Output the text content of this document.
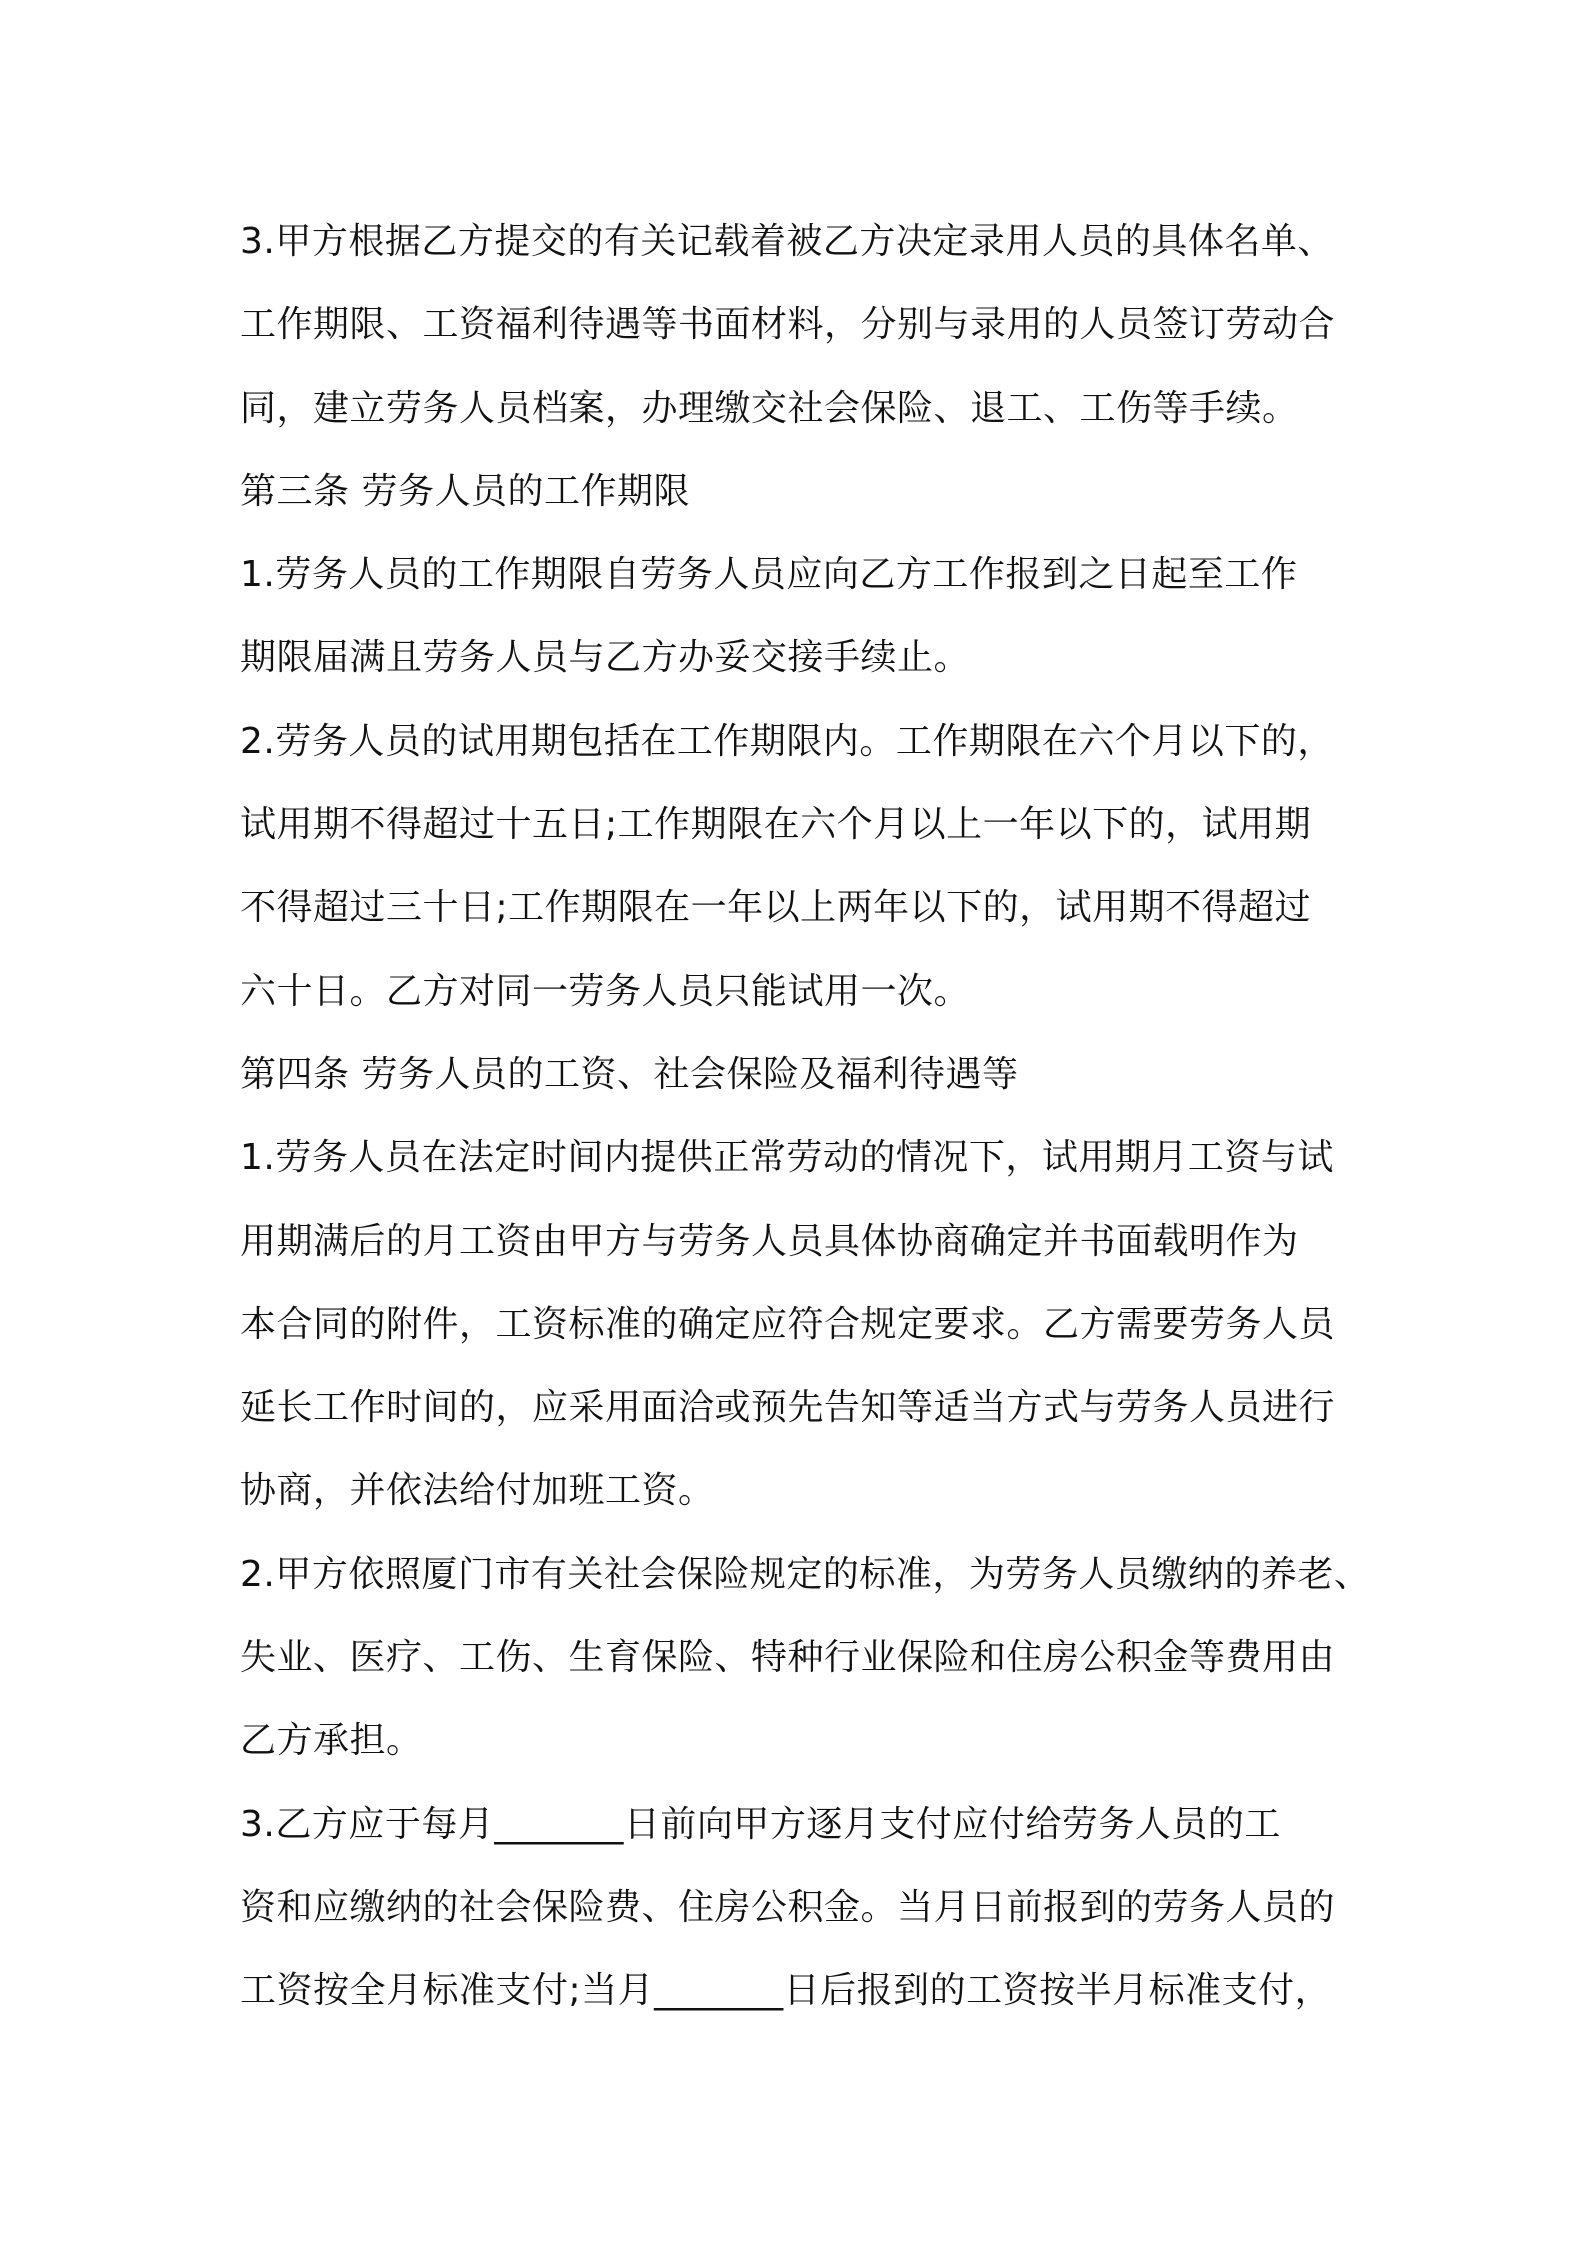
3.甲方根据乙方提交的有关记载着被乙方决定录用人员的具体名单、
工作期限、工资福利待遇等书面材料，分别与录用的人员签订劳动合
同，建立劳务人员档案，办理缴交社会保险、退工、工伤等手续。
第三条 劳务人员的工作期限
1.劳务人员的工作期限自劳务人员应向乙方工作报到之日起至工作
期限届满且劳务人员与乙方办妥交接手续止。
2.劳务人员的试用期包括在工作期限内。工作期限在六个月以下的，
试用期不得超过十五日;工作期限在六个月以上一年以下的，试用期
不得超过三十日;工作期限在一年以上两年以下的，试用期不得超过
六十日。乙方对同一劳务人员只能试用一次。
第四条 劳务人员的工资、社会保险及福利待遇等
1.劳务人员在法定时间内提供正常劳动的情况下，试用期月工资与试
用期满后的月工资由甲方与劳务人员具体协商确定并书面载明作为
本合同的附件，工资标准的确定应符合规定要求。乙方需要劳务人员
延长工作时间的，应采用面洽或预先告知等适当方式与劳务人员进行
协商，并依法给付加班工资。
2.甲方依照厦门市有关社会保险规定的标准，为劳务人员缴纳的养老、
失业、医疗、工伤、生育保险、特种行业保险和住房公积金等费用由
乙方承担。
3.乙方应于每月_______日前向甲方逐月支付应付给劳务人员的工
资和应缴纳的社会保险费、住房公积金。当月日前报到的劳务人员的
工资按全月标准支付;当月_______日后报到的工资按半月标准支付，
